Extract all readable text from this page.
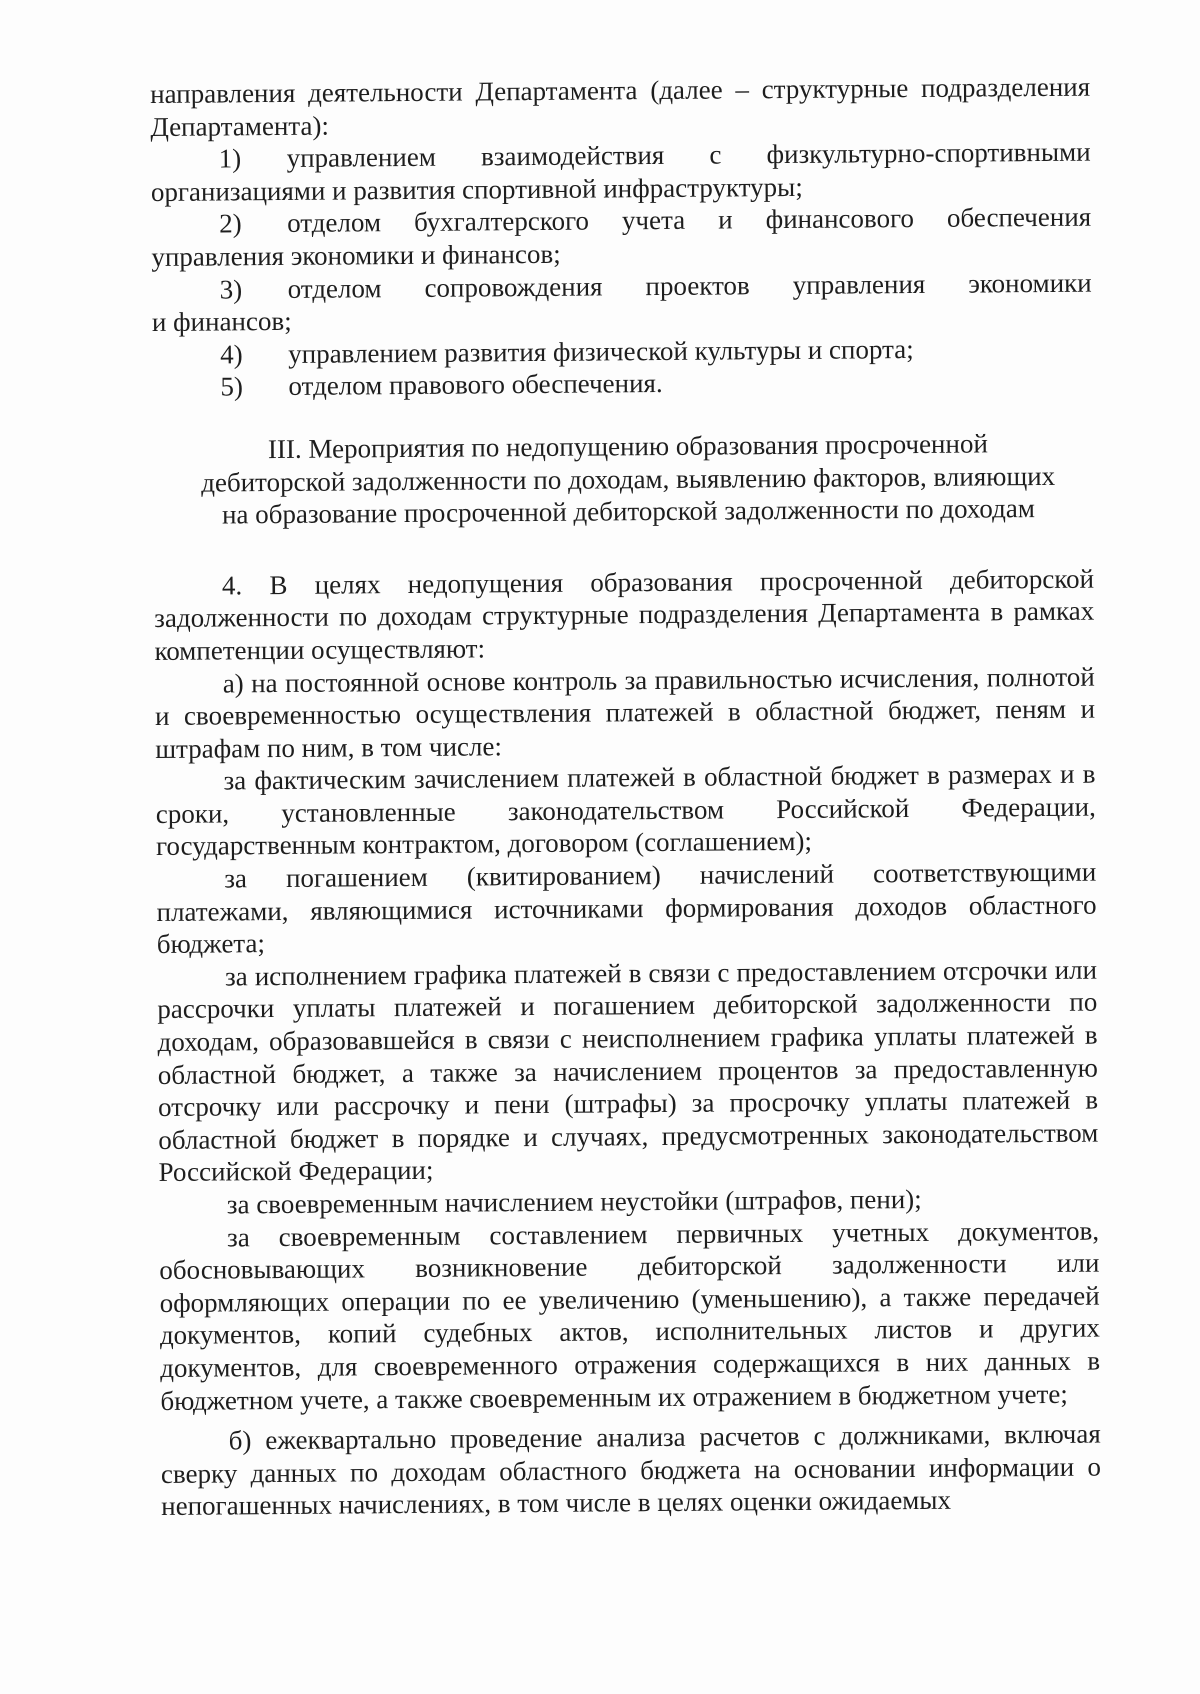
направления деятельности Департамента (далее – структурные подразделения

Департамента):

1)	управлением взаимодействия с физкультурно-спортивными

организациями и развития спортивной инфраструктуры;

2)	отделом бухгалтерского учета и финансового обеспечения

управления экономики и финансов;

3)	отделом сопровождения проектов управления экономики

и финансов;

4)	управлением развития физической культуры и спорта;
5)	отделом правового обеспечения.
III. Мероприятия по недопущению образования просроченной
дебиторской задолженности по доходам, выявлению факторов, влияющих
на образование просроченной дебиторской задолженности по доходам

4. В целях недопущения образования просроченной дебиторской задолженности по доходам структурные подразделения Департамента в рамках компетенции осуществляют:

а) на постоянной основе контроль за правильностью исчисления, полнотой и своевременностью осуществления платежей в областной бюджет, пеням и штрафам по ним, в том числе:

за фактическим зачислением платежей в областной бюджет в размерах и в сроки, установленные законодательством Российской Федерации, государственным контрактом, договором (соглашением);

за погашением (квитированием) начислений соответствующими платежами, являющимися источниками формирования доходов областного бюджета;

за исполнением графика платежей в связи с предоставлением отсрочки или рассрочки уплаты платежей и погашением дебиторской задолженности по доходам, образовавшейся в связи с неисполнением графика уплаты платежей в областной бюджет, а также за начислением процентов за предоставленную отсрочку или рассрочку и пени (штрафы) за просрочку уплаты платежей в областной бюджет в порядке и случаях, предусмотренных законодательством Российской Федерации;

за своевременным начислением неустойки (штрафов, пени);

за своевременным составлением первичных учетных документов, обосновывающих возникновение дебиторской задолженности или оформляющих операции по ее увеличению (уменьшению), а также передачей документов, копий судебных актов, исполнительных листов и других документов, для своевременного отражения содержащихся в них данных в бюджетном учете, а также своевременным их отражением в бюджетном учете;

б) ежеквартально проведение анализа расчетов с должниками, включая сверку данных по доходам областного бюджета на основании информации о непогашенных начислениях, в том числе в целях оценки ожидаемых
